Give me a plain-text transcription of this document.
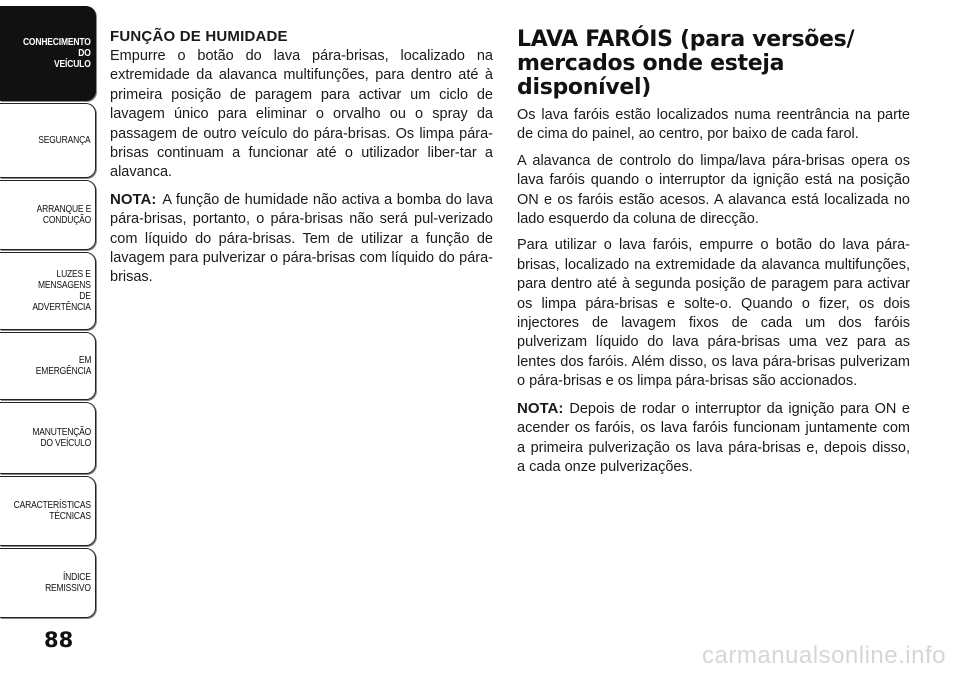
CONHECIMENTO
DO
VEÍCULO
SEGURANÇA
ARRANQUE E
CONDUÇÃO
LUZES E
MENSAGENS
DE
ADVERTÊNCIA
EM
EMERGÊNCIA
MANUTENÇÃO
DO VEÍCULO
CARACTERÍSTICAS
TÉCNICAS
ÍNDICE
REMISSIVO
88
FUNÇÃO DE HUMIDADE

Empurre o botão do lava pára-brisas, localizado na extremidade da alavanca multifunções, para dentro até à primeira posição de paragem para activar um ciclo de lavagem único para eliminar o orvalho ou o spray da passagem de outro veículo do pára-brisas. Os limpa pára-brisas continuam a funcionar até o utilizador liber-tar a alavanca.

NOTA: A função de humidade não activa a bomba do lava pára-brisas, portanto, o pára-brisas não será pul-verizado com líquido do pára-brisas. Tem de utilizar a função de lavagem para pulverizar o pára-brisas com líquido do pára-brisas.

LAVA FARÓIS (para versões/ mercados onde esteja disponível)

Os lava faróis estão localizados numa reentrância na parte de cima do painel, ao centro, por baixo de cada farol.

A alavanca de controlo do limpa/lava pára-brisas opera os lava faróis quando o interruptor da ignição está na posição ON e os faróis estão acesos. A alavanca está localizada no lado esquerdo da coluna de direcção.

Para utilizar o lava faróis, empurre o botão do lava pára-brisas, localizado na extremidade da alavanca multifunções, para dentro até à segunda posição de paragem para activar os limpa pára-brisas e solte-o. Quando o fizer, os dois injectores de lavagem fixos de cada um dos faróis pulverizam líquido do lava pára-brisas uma vez para as lentes dos faróis. Além disso, os lava pára-brisas pulverizam o pára-brisas e os limpa pára-brisas são accionados.

NOTA: Depois de rodar o interruptor da ignição para ON e acender os faróis, os lava faróis funcionam juntamente com a primeira pulverização os lava pára-brisas e, depois disso, a cada onze pulverizações.

carmanualsonline.info
